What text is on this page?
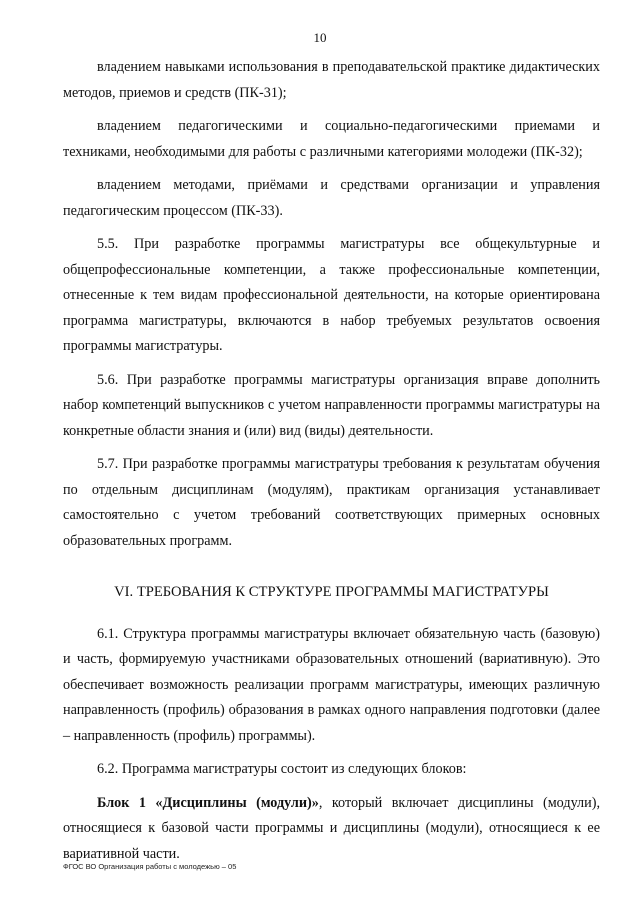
10

владением навыками использования в преподавательской практике дидактических методов, приемов и средств (ПК-31);

владением педагогическими и социально-педагогическими приемами и техниками, необходимыми для работы с различными категориями молодежи (ПК-32);

владением методами, приёмами и средствами организации и управления педагогическим процессом (ПК-33).

5.5. При разработке программы магистратуры все общекультурные и общепрофессиональные компетенции, а также профессиональные компетенции, отнесенные к тем видам профессиональной деятельности, на которые ориентирована программа магистратуры, включаются в набор требуемых результатов освоения программы магистратуры.

5.6. При разработке программы магистратуры организация вправе дополнить набор компетенций выпускников с учетом направленности программы магистратуры на конкретные области знания и (или) вид (виды) деятельности.

5.7. При разработке программы магистратуры требования к результатам обучения по отдельным дисциплинам (модулям), практикам организация устанавливает самостоятельно с учетом требований соответствующих примерных основных образовательных программ.

VI. ТРЕБОВАНИЯ К СТРУКТУРЕ ПРОГРАММЫ МАГИСТРАТУРЫ

6.1. Структура программы магистратуры включает обязательную часть (базовую) и часть, формируемую участниками образовательных отношений (вариативную). Это обеспечивает возможность реализации программ магистратуры, имеющих различную направленность (профиль) образования в рамках одного направления подготовки (далее – направленность (профиль) программы).

6.2. Программа магистратуры состоит из следующих блоков:

Блок 1 «Дисциплины (модули)», который включает дисциплины (модули), относящиеся к базовой части программы и дисциплины (модули), относящиеся к ее вариативной части.

ФГОС ВО Организация работы с молодежью – 05
